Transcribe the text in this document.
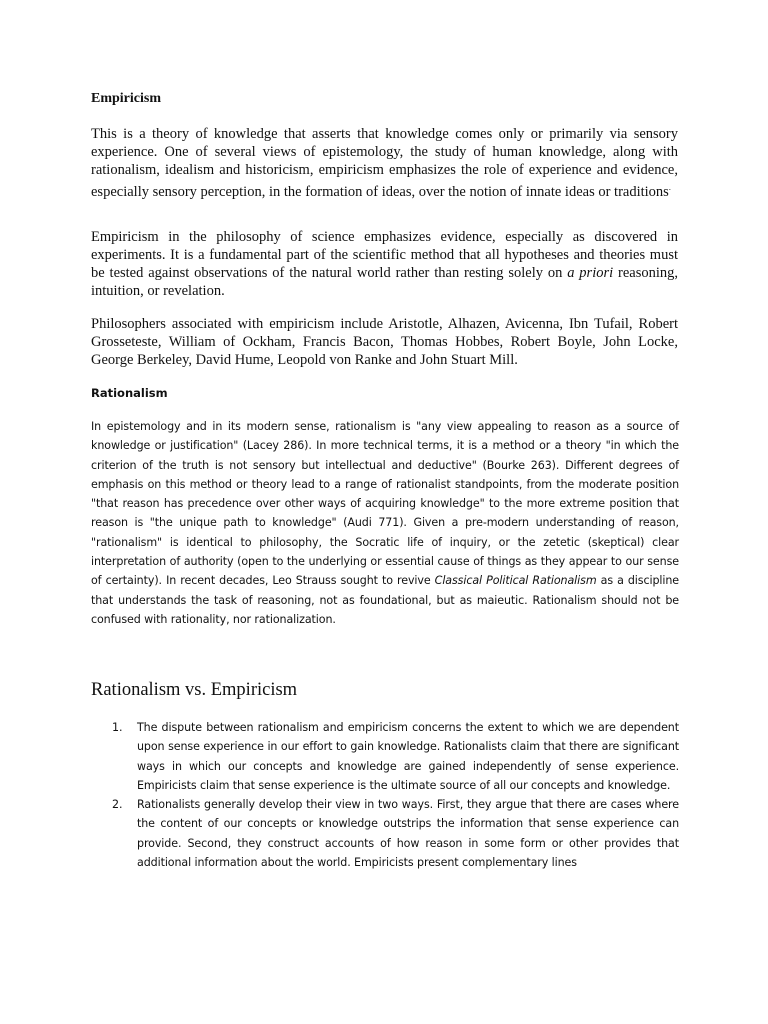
Empiricism

This is a theory of knowledge that asserts that knowledge comes only or primarily via sensory experience. One of several views of epistemology, the study of human knowledge, along with rationalism, idealism and historicism, empiricism emphasizes the role of experience and evidence, especially sensory perception, in the formation of ideas, over the notion of innate ideas or traditions.

Empiricism in the philosophy of science emphasizes evidence, especially as discovered in experiments. It is a fundamental part of the scientific method that all hypotheses and theories must be tested against observations of the natural world rather than resting solely on a priori reasoning, intuition, or revelation.

Philosophers associated with empiricism include Aristotle, Alhazen, Avicenna, Ibn Tufail, Robert Grosseteste, William of Ockham, Francis Bacon, Thomas Hobbes, Robert Boyle, John Locke, George Berkeley, David Hume, Leopold von Ranke and John Stuart Mill.

Rationalism

In epistemology and in its modern sense, rationalism is "any view appealing to reason as a source of knowledge or justification" (Lacey 286). In more technical terms, it is a method or a theory "in which the criterion of the truth is not sensory but intellectual and deductive" (Bourke 263). Different degrees of emphasis on this method or theory lead to a range of rationalist standpoints, from the moderate position "that reason has precedence over other ways of acquiring knowledge" to the more extreme position that reason is "the unique path to knowledge" (Audi 771). Given a pre-modern understanding of reason, "rationalism" is identical to philosophy, the Socratic life of inquiry, or the zetetic (skeptical) clear interpretation of authority (open to the underlying or essential cause of things as they appear to our sense of certainty). In recent decades, Leo Strauss sought to revive Classical Political Rationalism as a discipline that understands the task of reasoning, not as foundational, but as maieutic. Rationalism should not be confused with rationality, nor rationalization.

Rationalism vs. Empiricism
1. The dispute between rationalism and empiricism concerns the extent to which we are dependent upon sense experience in our effort to gain knowledge. Rationalists claim that there are significant ways in which our concepts and knowledge are gained independently of sense experience. Empiricists claim that sense experience is the ultimate source of all our concepts and knowledge.
2. Rationalists generally develop their view in two ways. First, they argue that there are cases where the content of our concepts or knowledge outstrips the information that sense experience can provide. Second, they construct accounts of how reason in some form or other provides that additional information about the world. Empiricists present complementary lines
